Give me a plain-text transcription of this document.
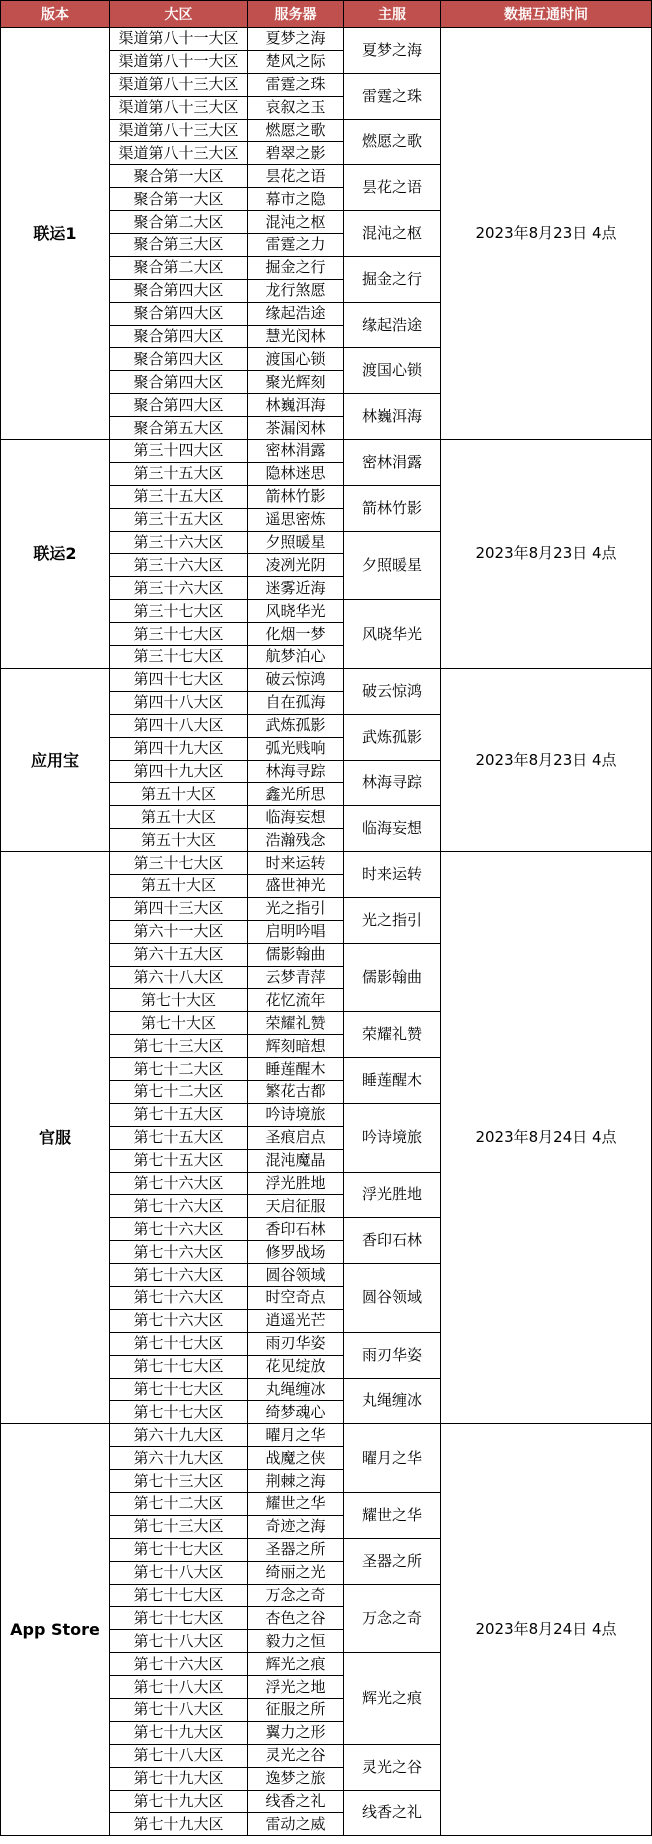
版本	大区	服务器	主服	数据互通时间
联运1	渠道第八十一大区	夏梦之海	夏梦之海	2023年8月23日 4点
	渠道第八十一大区	楚风之际		
	渠道第八十三大区	雷霆之珠	雷霆之珠	
	渠道第八十三大区	哀叙之玉		
	渠道第八十三大区	燃愿之歌	燃愿之歌	
	渠道第八十三大区	碧翠之影		
	聚合第一大区	昙花之语	昙花之语	
	聚合第一大区	幕市之隐		
	聚合第二大区	混沌之枢	混沌之枢	
	聚合第三大区	雷霆之力		
	聚合第二大区	掘金之行	掘金之行	
	聚合第四大区	龙行煞愿		
	聚合第四大区	缘起浩途	缘起浩途	
	聚合第四大区	慧光闵林		
	聚合第四大区	渡国心锁	渡国心锁	
	聚合第四大区	聚光辉刻		
	聚合第四大区	林巍洱海	林巍洱海	
	聚合第五大区	茶漏闵林		
联运2	第三十四大区	密林涓露	密林涓露	2023年8月23日 4点
	第三十五大区	隐林迷思		
	第三十五大区	箭林竹影	箭林竹影	
	第三十五大区	遥思密炼		
	第三十六大区	夕照暖星	夕照暖星	
	第三十六大区	凌冽光阴		
	第三十六大区	迷雾近海		
	第三十七大区	风晓华光	风晓华光	
	第三十七大区	化烟一梦		
	第三十七大区	航梦泊心		
应用宝	第四十七大区	破云惊鸿	破云惊鸿	2023年8月23日 4点
	第四十八大区	自在孤海		
	第四十八大区	武炼孤影	武炼孤影	
	第四十九大区	弧光贱响		
	第四十九大区	林海寻踪	林海寻踪	
	第五十大区	鑫光所思		
	第五十大区	临海妄想	临海妄想	
	第五十大区	浩瀚残念		
官服	第三十七大区	时来运转	时来运转	2023年8月24日 4点
	第五十大区	盛世神光		
	第四十三大区	光之指引	光之指引	
	第六十一大区	启明吟唱		
	第六十五大区	儒影翰曲	儒影翰曲	
	第六十八大区	云梦青萍		
	第七十大区	花忆流年		
	第七十大区	荣耀礼赞	荣耀礼赞	
	第七十三大区	辉刻暗想		
	第七十二大区	睡莲醒木	睡莲醒木	
	第七十二大区	繁花古都		
	第七十五大区	吟诗境旅	吟诗境旅	
	第七十五大区	圣痕启点		
	第七十五大区	混沌魔晶		
	第七十六大区	浮光胜地	浮光胜地	
	第七十六大区	天启征服		
	第七十六大区	香印石林	香印石林	
	第七十六大区	修罗战场		
	第七十六大区	圆谷领域	圆谷领域	
	第七十六大区	时空奇点		
	第七十六大区	逍遥光芒		
	第七十七大区	雨刃华姿	雨刃华姿	
	第七十七大区	花见绽放		
	第七十七大区	丸绳缠冰	丸绳缠冰	
	第七十七大区	绮梦魂心		
App Store	第六十九大区	曜月之华	曜月之华	2023年8月24日 4点
	第六十九大区	战魔之侠		
	第七十三大区	荆棘之海		
	第七十二大区	耀世之华	耀世之华	
	第七十三大区	奇迹之海		
	第七十七大区	圣器之所	圣器之所	
	第七十八大区	绮丽之光		
	第七十七大区	万念之奇	万念之奇	
	第七十七大区	杏色之谷		
	第七十八大区	毅力之恒		
	第七十六大区	辉光之痕	辉光之痕	
	第七十八大区	浮光之地		
	第七十八大区	征服之所		
	第七十九大区	翼力之形		
	第七十八大区	灵光之谷	灵光之谷	
	第七十九大区	逸梦之旅		
	第七十九大区	线香之礼	线香之礼	
	第七十九大区	雷动之威		
